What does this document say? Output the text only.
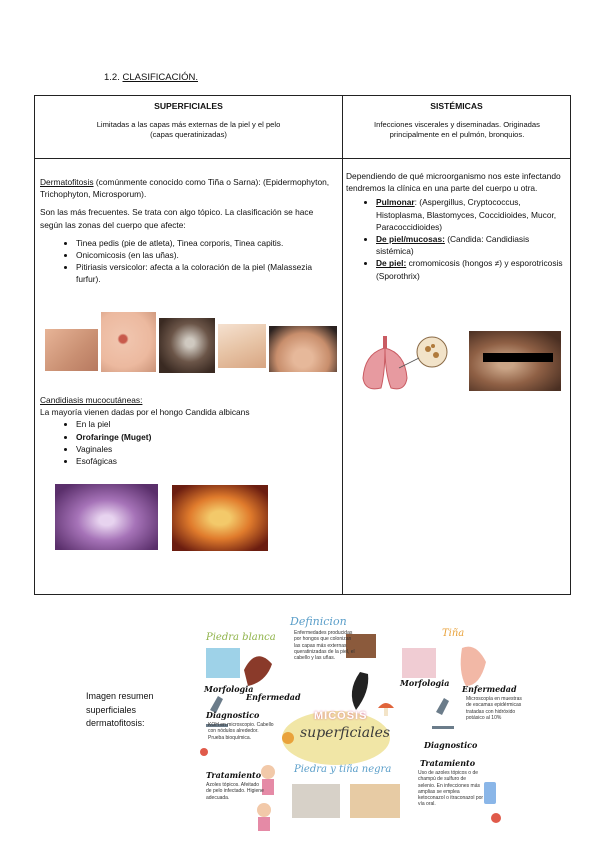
1.2. CLASIFICACIÓN.
SUPERFICIALES
Limitadas a las capas más externas de la piel y el pelo
(capas queratinizadas)
SISTÉMICAS
Infecciones viscerales y diseminadas. Originadas
principalmente en el pulmón, bronquios.

Dermatofitosis (comúnmente conocido como Tiña o Sarna): (Epidermophyton, Trichophyton, Microsporum).

Son las más frecuentes. Se trata con algo tópico. La clasificación se hace según las zonas del cuerpo que afecte:

• Tinea pedis (pie de atleta), Tinea corporis, Tinea capitis.
• Onicomicosis (en las uñas).
• Pitiriasis versicolor: afecta a la coloración de la piel (Malassezia furfur).
Candidiasis mucocutáneas:
La mayoría vienen dadas por el hongo Candida albicans
• En la piel
• Orofaringe (Muget)
• Vaginales
• Esofágicas

Dependiendo de qué microorganismo nos este infectando tendremos la clínica en una parte del cuerpo u otra.

• Pulmonar: (Aspergillus, Cryptococcus, Histoplasma, Blastomyces, Coccidioides, Mucor, Paracoccidioides)
• De piel/mucosas: (Candida: Candidiasis sistémica)
• De piel: cromomicosis (hongos ≠) y esporotricosis (Sporothrix)
Imagen resumen superficiales dermatofitosis:
Definicion
Enfermedades producidas por hongos que colonizan las capas más externas queratinizadas de la piel, el cabello y las uñas.
Piedra blanca	Tiña
Morfologia
Enfermedad
Morfologia
Enfermedad
Microscopía en muestras de escamas epidérmicas tratadas con hidróxido potásico al 10%
Diagnostico
KOH en microscopio. Cabello con nódulos alrededor. Prueba bioquímica.
Diagnostico
MICOSIS
superficiales
Tratamiento
Azoles tópicos. Afeitado de pelo infectado. Higiene adecuada.
Piedra y tiña negra
Tratamiento
Uso de azoles tópicos o de champú de sulfuro de selenio. En infecciones más amplias se emplea ketoconazol o itraconazol por vía oral.
